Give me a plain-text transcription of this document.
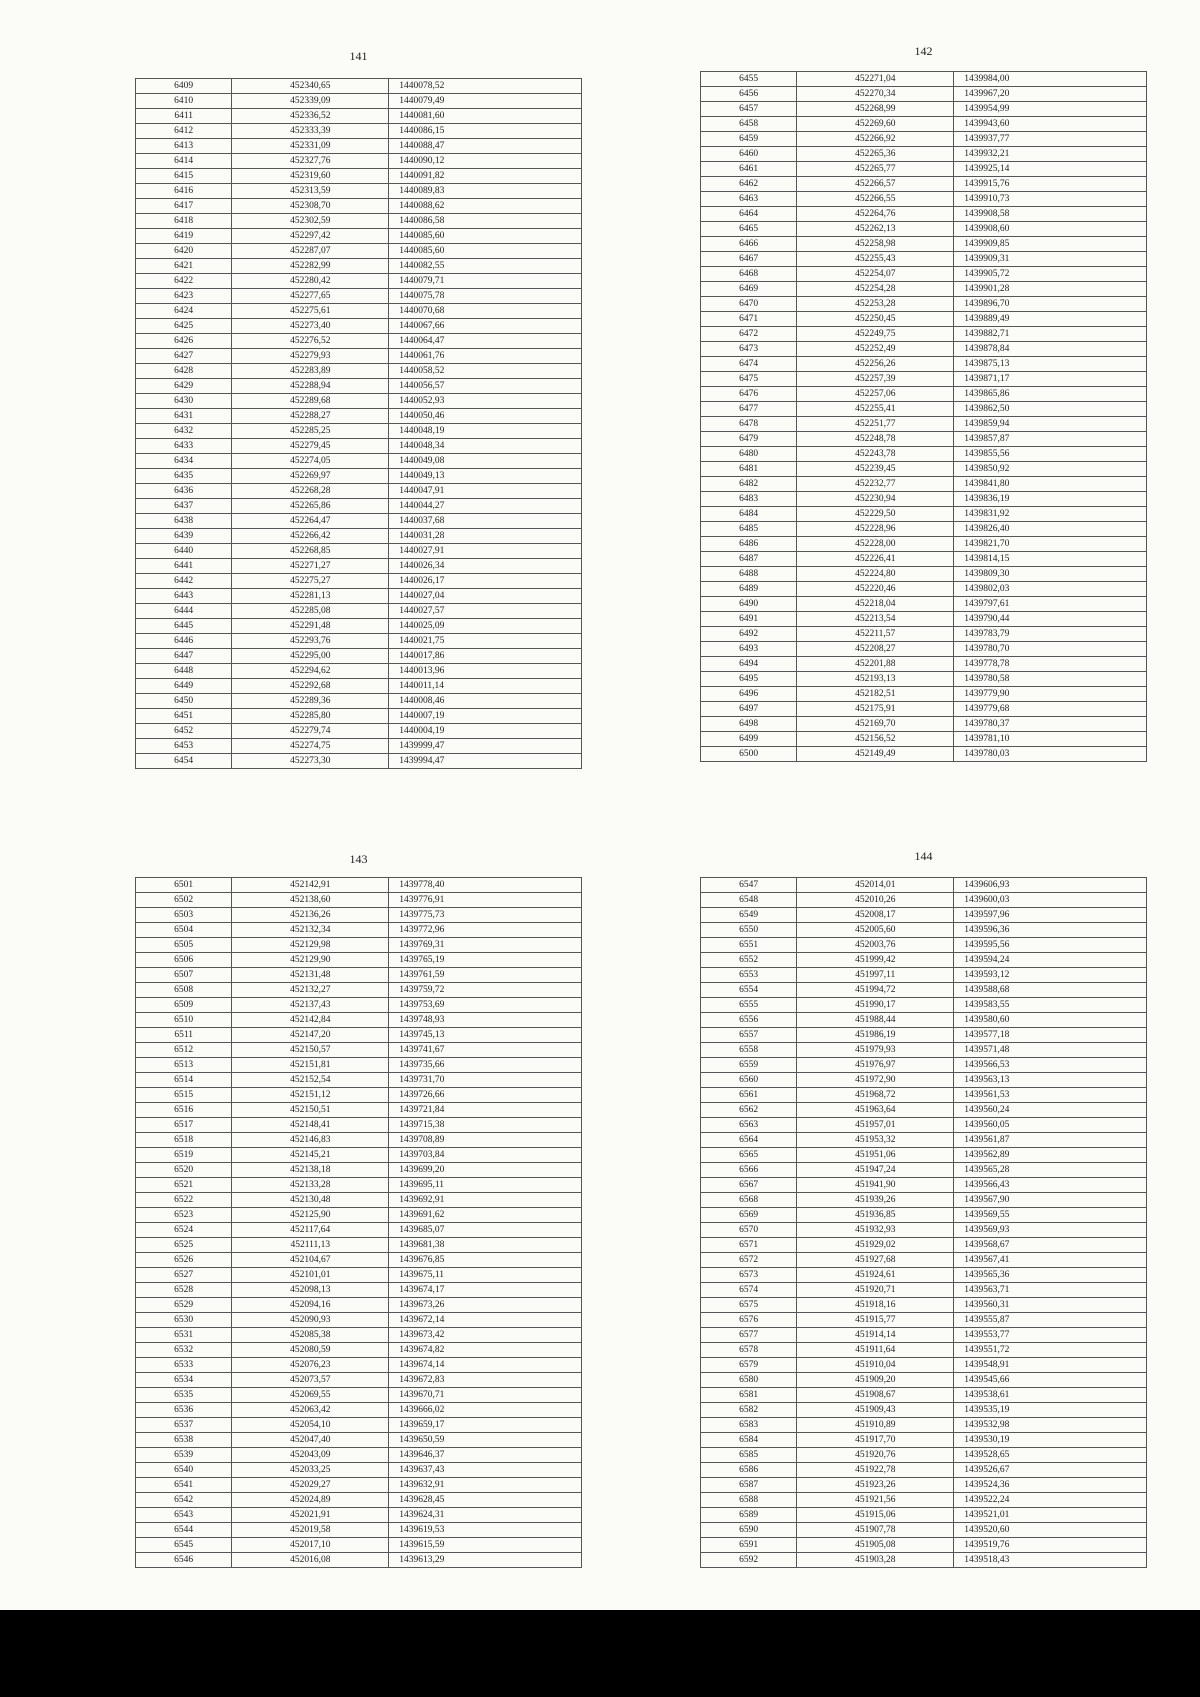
141
6409	452340,65	1440078,52
6410	452339,09	1440079,49
6411	452336,52	1440081,60
6412	452333,39	1440086,15
6413	452331,09	1440088,47
6414	452327,76	1440090,12
6415	452319,60	1440091,82
6416	452313,59	1440089,83
6417	452308,70	1440088,62
6418	452302,59	1440086,58
6419	452297,42	1440085,60
6420	452287,07	1440085,60
6421	452282,99	1440082,55
6422	452280,42	1440079,71
6423	452277,65	1440075,78
6424	452275,61	1440070,68
6425	452273,40	1440067,66
6426	452276,52	1440064,47
6427	452279,93	1440061,76
6428	452283,89	1440058,52
6429	452288,94	1440056,57
6430	452289,68	1440052,93
6431	452288,27	1440050,46
6432	452285,25	1440048,19
6433	452279,45	1440048,34
6434	452274,05	1440049,08
6435	452269,97	1440049,13
6436	452268,28	1440047,91
6437	452265,86	1440044,27
6438	452264,47	1440037,68
6439	452266,42	1440031,28
6440	452268,85	1440027,91
6441	452271,27	1440026,34
6442	452275,27	1440026,17
6443	452281,13	1440027,04
6444	452285,08	1440027,57
6445	452291,48	1440025,09
6446	452293,76	1440021,75
6447	452295,00	1440017,86
6448	452294,62	1440013,96
6449	452292,68	1440011,14
6450	452289,36	1440008,46
6451	452285,80	1440007,19
6452	452279,74	1440004,19
6453	452274,75	1439999,47
6454	452273,30	1439994,47
142
6455	452271,04	1439984,00
6456	452270,34	1439967,20
6457	452268,99	1439954,99
6458	452269,60	1439943,60
6459	452266,92	1439937,77
6460	452265,36	1439932,21
6461	452265,77	1439925,14
6462	452266,57	1439915,76
6463	452266,55	1439910,73
6464	452264,76	1439908,58
6465	452262,13	1439908,60
6466	452258,98	1439909,85
6467	452255,43	1439909,31
6468	452254,07	1439905,72
6469	452254,28	1439901,28
6470	452253,28	1439896,70
6471	452250,45	1439889,49
6472	452249,75	1439882,71
6473	452252,49	1439878,84
6474	452256,26	1439875,13
6475	452257,39	1439871,17
6476	452257,06	1439865,86
6477	452255,41	1439862,50
6478	452251,77	1439859,94
6479	452248,78	1439857,87
6480	452243,78	1439855,56
6481	452239,45	1439850,92
6482	452232,77	1439841,80
6483	452230,94	1439836,19
6484	452229,50	1439831,92
6485	452228,96	1439826,40
6486	452228,00	1439821,70
6487	452226,41	1439814,15
6488	452224,80	1439809,30
6489	452220,46	1439802,03
6490	452218,04	1439797,61
6491	452213,54	1439790,44
6492	452211,57	1439783,79
6493	452208,27	1439780,70
6494	452201,88	1439778,78
6495	452193,13	1439780,58
6496	452182,51	1439779,90
6497	452175,91	1439779,68
6498	452169,70	1439780,37
6499	452156,52	1439781,10
6500	452149,49	1439780,03
143
6501	452142,91	1439778,40
6502	452138,60	1439776,91
6503	452136,26	1439775,73
6504	452132,34	1439772,96
6505	452129,98	1439769,31
6506	452129,90	1439765,19
6507	452131,48	1439761,59
6508	452132,27	1439759,72
6509	452137,43	1439753,69
6510	452142,84	1439748,93
6511	452147,20	1439745,13
6512	452150,57	1439741,67
6513	452151,81	1439735,66
6514	452152,54	1439731,70
6515	452151,12	1439726,66
6516	452150,51	1439721,84
6517	452148,41	1439715,38
6518	452146,83	1439708,89
6519	452145,21	1439703,84
6520	452138,18	1439699,20
6521	452133,28	1439695,11
6522	452130,48	1439692,91
6523	452125,90	1439691,62
6524	452117,64	1439685,07
6525	452111,13	1439681,38
6526	452104,67	1439676,85
6527	452101,01	1439675,11
6528	452098,13	1439674,17
6529	452094,16	1439673,26
6530	452090,93	1439672,14
6531	452085,38	1439673,42
6532	452080,59	1439674,82
6533	452076,23	1439674,14
6534	452073,57	1439672,83
6535	452069,55	1439670,71
6536	452063,42	1439666,02
6537	452054,10	1439659,17
6538	452047,40	1439650,59
6539	452043,09	1439646,37
6540	452033,25	1439637,43
6541	452029,27	1439632,91
6542	452024,89	1439628,45
6543	452021,91	1439624,31
6544	452019,58	1439619,53
6545	452017,10	1439615,59
6546	452016,08	1439613,29
144
6547	452014,01	1439606,93
6548	452010,26	1439600,03
6549	452008,17	1439597,96
6550	452005,60	1439596,36
6551	452003,76	1439595,56
6552	451999,42	1439594,24
6553	451997,11	1439593,12
6554	451994,72	1439588,68
6555	451990,17	1439583,55
6556	451988,44	1439580,60
6557	451986,19	1439577,18
6558	451979,93	1439571,48
6559	451976,97	1439566,53
6560	451972,90	1439563,13
6561	451968,72	1439561,53
6562	451963,64	1439560,24
6563	451957,01	1439560,05
6564	451953,32	1439561,87
6565	451951,06	1439562,89
6566	451947,24	1439565,28
6567	451941,90	1439566,43
6568	451939,26	1439567,90
6569	451936,85	1439569,55
6570	451932,93	1439569,93
6571	451929,02	1439568,67
6572	451927,68	1439567,41
6573	451924,61	1439565,36
6574	451920,71	1439563,71
6575	451918,16	1439560,31
6576	451915,77	1439555,87
6577	451914,14	1439553,77
6578	451911,64	1439551,72
6579	451910,04	1439548,91
6580	451909,20	1439545,66
6581	451908,67	1439538,61
6582	451909,43	1439535,19
6583	451910,89	1439532,98
6584	451917,70	1439530,19
6585	451920,76	1439528,65
6586	451922,78	1439526,67
6587	451923,26	1439524,36
6588	451921,56	1439522,24
6589	451915,06	1439521,01
6590	451907,78	1439520,60
6591	451905,08	1439519,76
6592	451903,28	1439518,43
